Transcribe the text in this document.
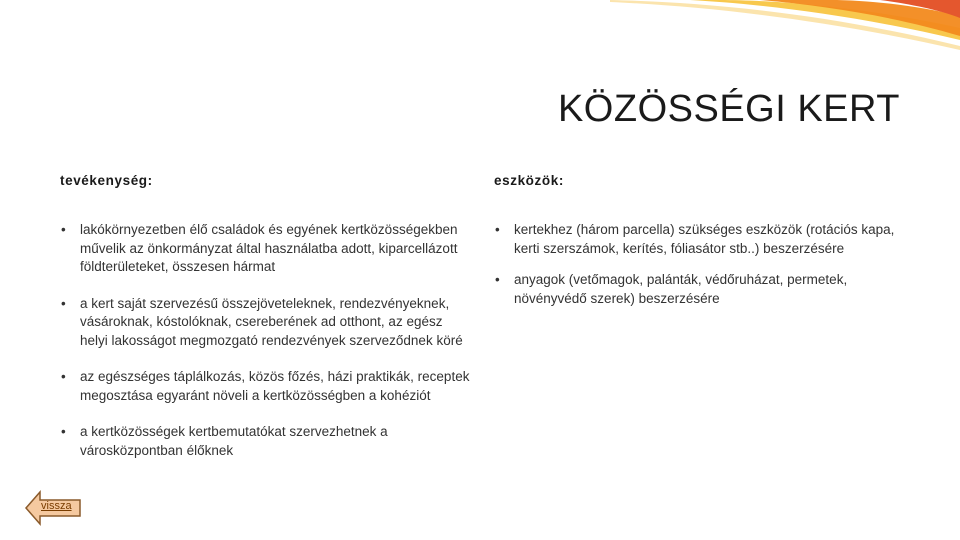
KÖZÖSSÉGI KERT
tevékenység:	eszközök:
• lakókörnyezetben élő családok és egyének kertközösségekben művelik az önkormányzat által használatba adott, kiparcellázott földterületeket, összesen hármat
• a kert saját szervezésű összejöveteleknek, rendezvényeknek, vásároknak, kóstolóknak, csereberének ad otthont, az egész helyi lakosságot megmozgató rendezvények szerveződnek köré
• az egészséges táplálkozás, közös főzés, házi praktikák, receptek megosztása egyaránt növeli a kertközösségben a kohéziót
• a kertközösségek kertbemutatókat szervezhetnek a városközpontban élőknek
• kertekhez (három parcella) szükséges eszközök (rotációs kapa, kerti szerszámok, kerítés, fóliasátor stb..) beszerzésére
• anyagok (vetőmagok, palánták, védőruházat, permetek, növényvédő szerek) beszerzésére
vissza
